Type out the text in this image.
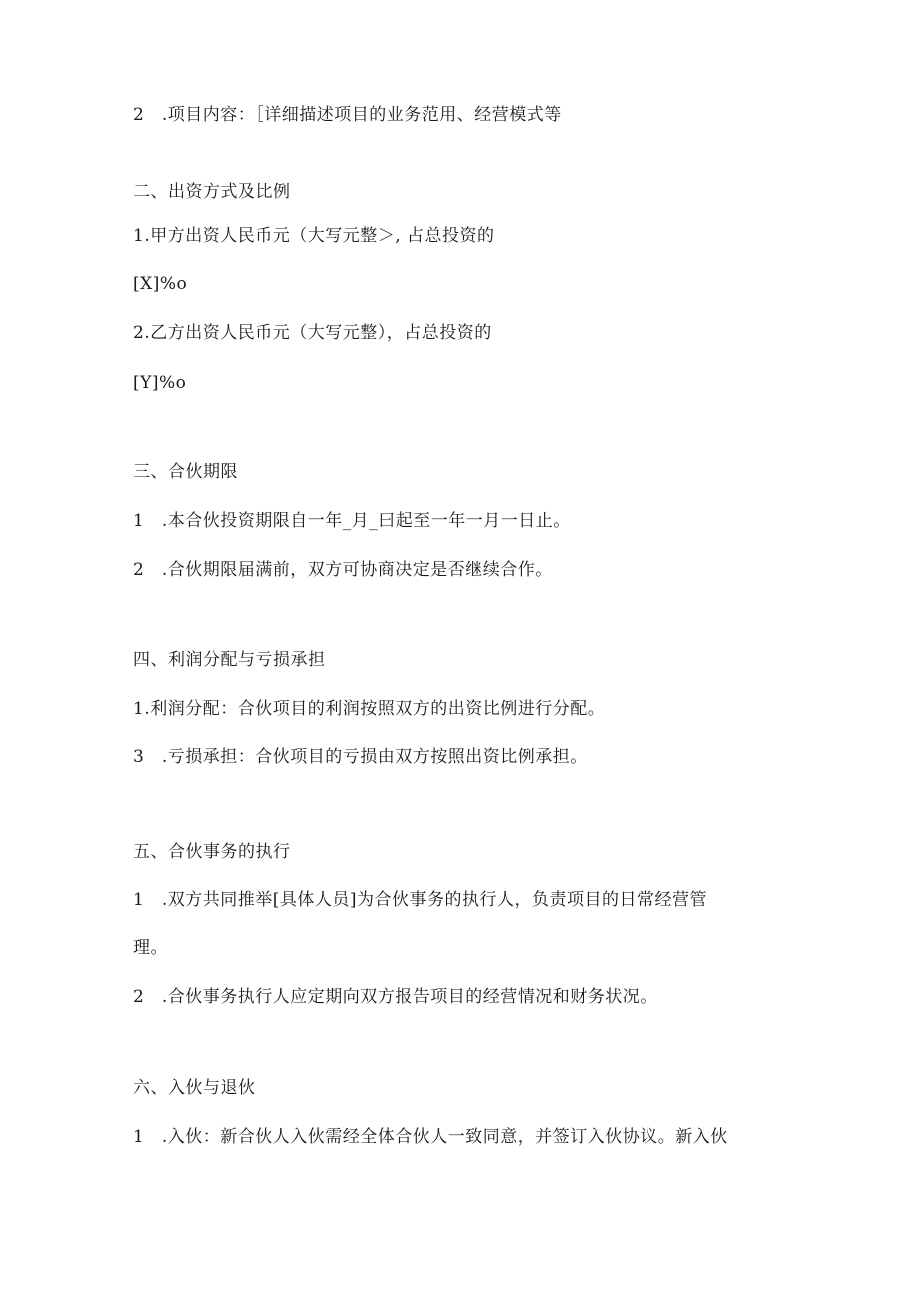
2　.项目内容：［详细描述项目的业务范用、经营模式等
二、出资方式及比例
1.甲方出资人民币元（大写元整＞, 占总投资的
[X]%o
2.乙方出资人民币元（大写元整），占总投资的
[Y]%o
三、合伙期限
1　.本合伙投资期限自一年_月_曰起至一年一月一日止。
2　.合伙期限届满前，双方可协商决定是否继续合作。
四、利润分配与亏损承担
1.利润分配：合伙项目的利润按照双方的出资比例进行分配。
3　.亏损承担：合伙项目的亏损由双方按照出资比例承担。
五、合伙事务的执行
1　.双方共同推举[具体人员]为合伙事务的执行人，负责项目的日常经营管
理。
2　.合伙事务执行人应定期向双方报告项目的经营情况和财务状况。
六、入伙与退伙
1　.入伙：新合伙人入伙需经全体合伙人一致同意，并签订入伙协议。新入伙
